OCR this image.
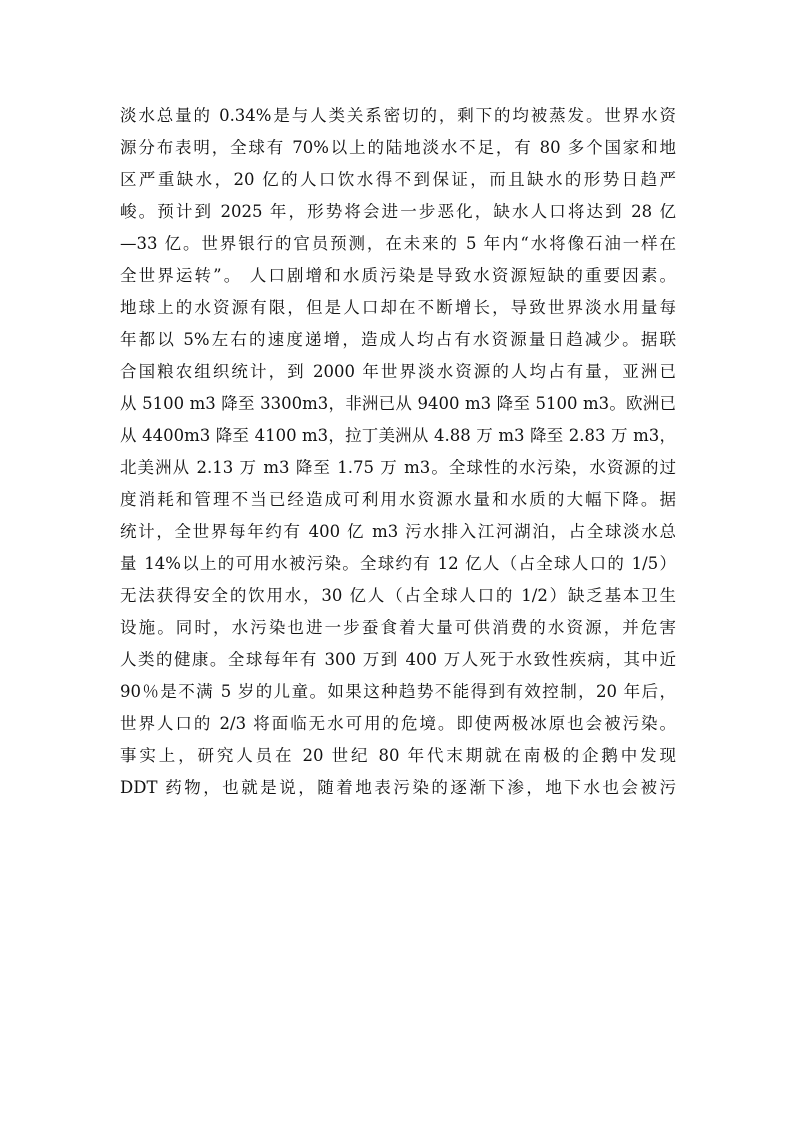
淡水总量的 0.34%是与人类关系密切的，剩下的均被蒸发。世界水资
源分布表明，全球有 70%以上的陆地淡水不足，有 80 多个国家和地
区严重缺水，20 亿的人口饮水得不到保证，而且缺水的形势日趋严
峻。预计到 2025 年，形势将会进一步恶化，缺水人口将达到 28 亿
—33 亿。世界银行的官员预测，在未来的 5 年内“水将像石油一样在
全世界运转”。 人口剧增和水质污染是导致水资源短缺的重要因素。
地球上的水资源有限，但是人口却在不断增长，导致世界淡水用量每
年都以 5%左右的速度递增，造成人均占有水资源量日趋减少。据联
合国粮农组织统计，到 2000 年世界淡水资源的人均占有量，亚洲已
从 5100 m3 降至 3300m3，非洲已从 9400 m3 降至 5100 m3。欧洲已
从 4400m3 降至 4100 m3，拉丁美洲从 4.88 万 m3 降至 2.83 万 m3，
北美洲从 2.13 万 m3 降至 1.75 万 m3。全球性的水污染，水资源的过
度消耗和管理不当已经造成可利用水资源水量和水质的大幅下降。据
统计，全世界每年约有 400 亿 m3 污水排入江河湖泊，占全球淡水总
量 14%以上的可用水被污染。全球约有 12 亿人（占全球人口的 1/5）
无法获得安全的饮用水，30 亿人（占全球人口的 1/2）缺乏基本卫生
设施。同时，水污染也进一步蚕食着大量可供消费的水资源，并危害
人类的健康。全球每年有 300 万到 400 万人死于水致性疾病，其中近
90％是不满 5 岁的儿童。如果这种趋势不能得到有效控制，20 年后，
世界人口的 2/3 将面临无水可用的危境。即使两极冰原也会被污染。
事实上，研究人员在 20 世纪 80 年代末期就在南极的企鹅中发现
DDT 药物，也就是说，随着地表污染的逐渐下渗，地下水也会被污
